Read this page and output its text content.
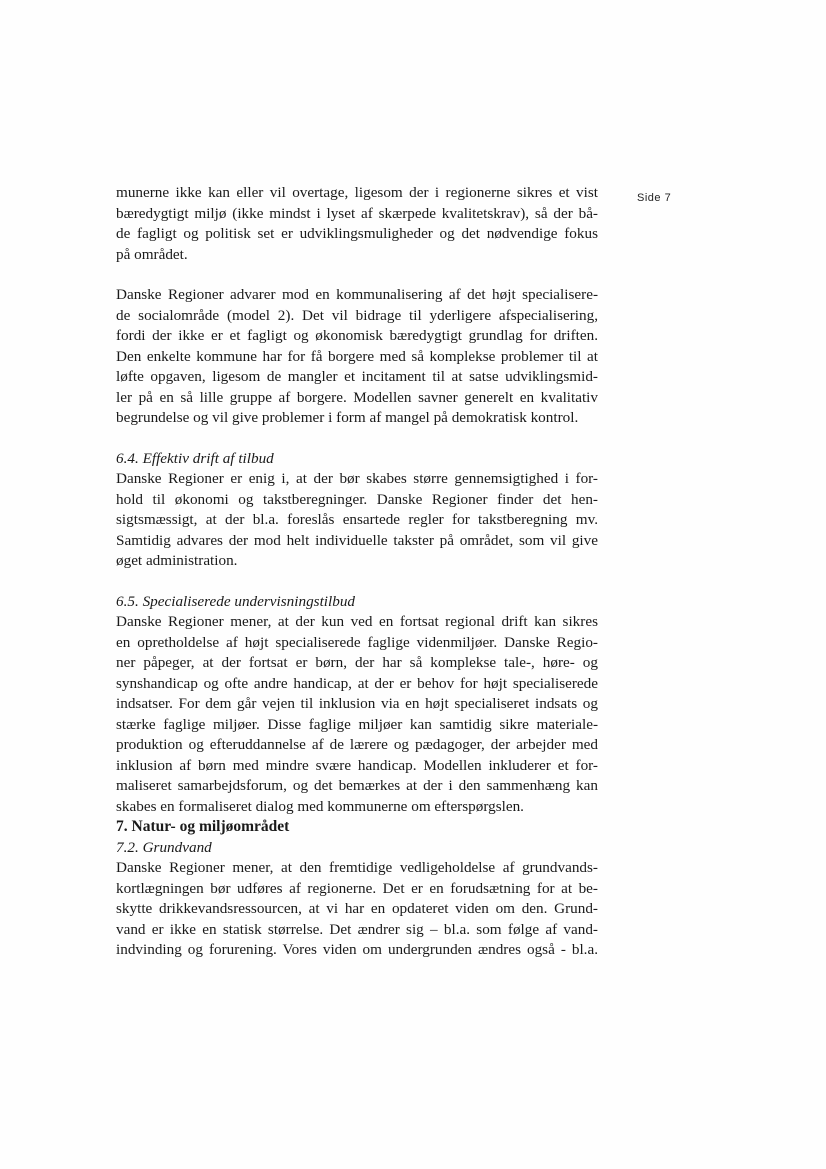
Side 7

munerne ikke kan eller vil overtage, ligesom der i regionerne sikres et vist
bæredygtigt miljø (ikke mindst i lyset af skærpede kvalitetskrav), så der bå-
de fagligt og politisk set er udviklingsmuligheder og det nødvendige fokus
på området.

Danske Regioner advarer mod en kommunalisering af det højt specialisere-
de socialområde (model 2). Det vil bidrage til yderligere afspecialisering,
fordi der ikke er et fagligt og økonomisk bæredygtigt grundlag for driften.
Den enkelte kommune har for få borgere med så komplekse problemer til at
løfte opgaven, ligesom de mangler et incitament til at satse udviklingsmid-
ler på en så lille gruppe af borgere. Modellen savner generelt en kvalitativ
begrundelse og vil give problemer i form af mangel på demokratisk kontrol.

6.4. Effektiv drift af tilbud

Danske Regioner er enig i, at der bør skabes større gennemsigtighed i for-
hold til økonomi og takstberegninger. Danske Regioner finder det hen-
sigtsmæssigt, at der bl.a. foreslås ensartede regler for takstberegning mv.
Samtidig advares der mod helt individuelle takster på området, som vil give
øget administration.

6.5. Specialiserede undervisningstilbud

Danske Regioner mener, at der kun ved en fortsat regional drift kan sikres
en opretholdelse af højt specialiserede faglige videnmiljøer. Danske Regio-
ner påpeger, at der fortsat er børn, der har så komplekse tale-, høre- og
synshandicap og ofte andre handicap, at der er behov for højt specialiserede
indsatser. For dem går vejen til inklusion via en højt specialiseret indsats og
stærke faglige miljøer. Disse faglige miljøer kan samtidig sikre materiale-
produktion og efteruddannelse af de lærere og pædagoger, der arbejder med
inklusion af børn med mindre svære handicap. Modellen inkluderer et for-
maliseret samarbejdsforum, og det bemærkes at der i den sammenhæng kan
skabes en formaliseret dialog med kommunerne om efterspørgslen.

7. Natur- og miljøområdet

7.2. Grundvand

Danske Regioner mener, at den fremtidige vedligeholdelse af grundvands-
kortlægningen bør udføres af regionerne. Det er en forudsætning for at be-
skytte drikkevandsressourcen, at vi har en opdateret viden om den. Grund-
vand er ikke en statisk størrelse. Det ændrer sig – bl.a. som følge af vand-
indvinding og forurening. Vores viden om undergrunden ændres også - bl.a.
